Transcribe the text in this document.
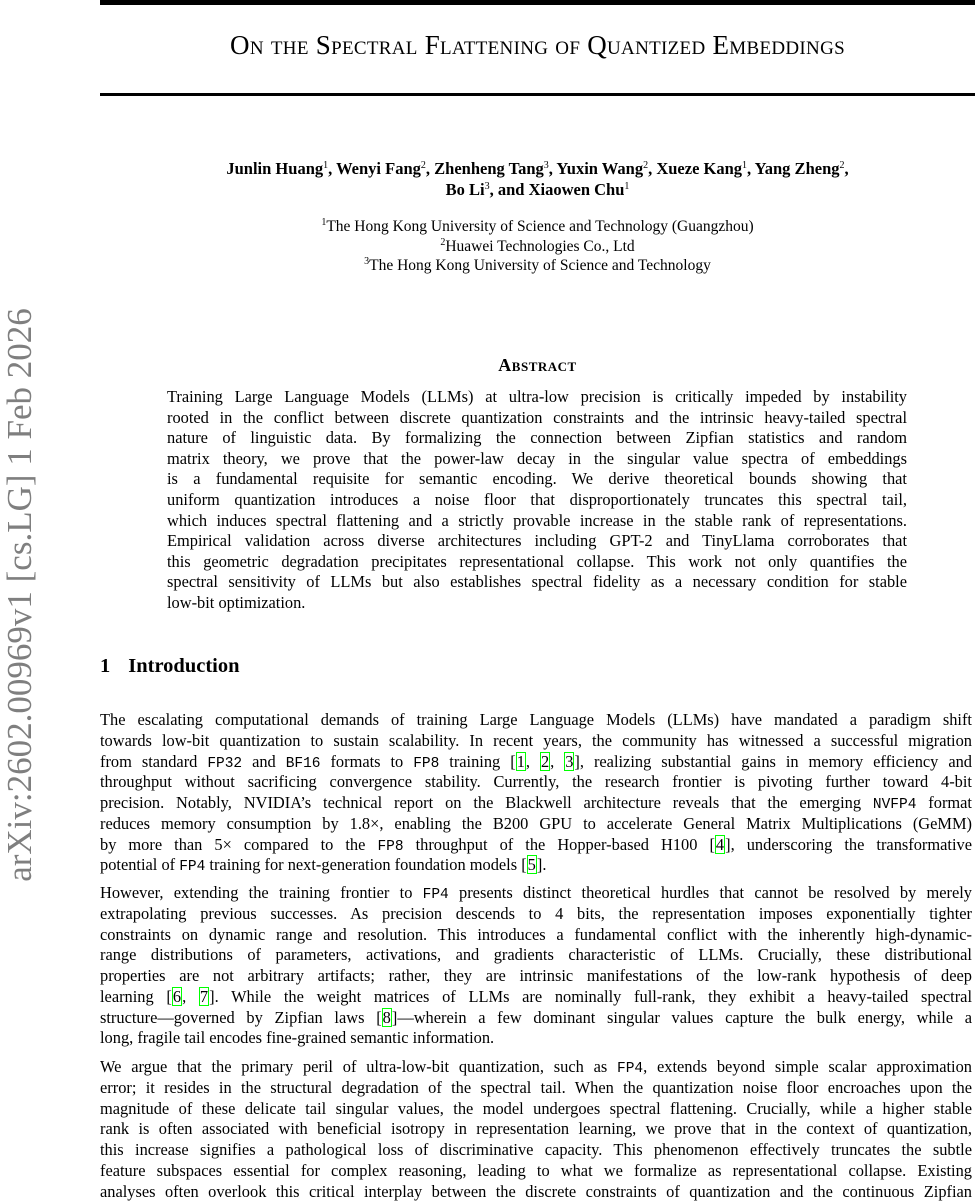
On the Spectral Flattening of Quantized Embeddings
arXiv:2602.00969v1 [cs.LG] 1 Feb 2026
Junlin Huang$^1$, Wenyi Fang$^2$, Zhenheng Tang$^3$, Yuxin Wang$^2$, Xueze Kang$^1$, Yang Zheng$^2$,
Bo Li$^3$, and Xiaowen Chu$^1$
$^1$The Hong Kong University of Science and Technology (Guangzhou)
$^2$Huawei Technologies Co., Ltd
$^3$The Hong Kong University of Science and Technology
Abstract
Training Large Language Models (LLMs) at ultra-low precision is critically impeded by instability
rooted in the conflict between discrete quantization constraints and the intrinsic heavy-tailed spectral
nature of linguistic data. By formalizing the connection between Zipfian statistics and random
matrix theory, we prove that the power-law decay in the singular value spectra of embeddings
is a fundamental requisite for semantic encoding. We derive theoretical bounds showing that
uniform quantization introduces a noise floor that disproportionately truncates this spectral tail,
which induces spectral flattening and a strictly provable increase in the stable rank of representations.
Empirical validation across diverse architectures including GPT-2 and TinyLlama corroborates that
this geometric degradation precipitates representational collapse. This work not only quantifies the
spectral sensitivity of LLMs but also establishes spectral fidelity as a necessary condition for stable
low-bit optimization.
1 Introduction
The escalating computational demands of training Large Language Models (LLMs) have mandated a paradigm shift
towards low-bit quantization to sustain scalability. In recent years, the community has witnessed a successful migration
from standard FP32 and BF16 formats to FP8 training [1, 2, 3], realizing substantial gains in memory efficiency and
throughput without sacrificing convergence stability. Currently, the research frontier is pivoting further toward 4-bit
precision. Notably, NVIDIA’s technical report on the Blackwell architecture reveals that the emerging NVFP4 format
reduces memory consumption by 1.8×, enabling the B200 GPU to accelerate General Matrix Multiplications (GeMM)
by more than 5× compared to the FP8 throughput of the Hopper-based H100 [4], underscoring the transformative
potential of FP4 training for next-generation foundation models [5].
However, extending the training frontier to FP4 presents distinct theoretical hurdles that cannot be resolved by merely
extrapolating previous successes. As precision descends to 4 bits, the representation imposes exponentially tighter
constraints on dynamic range and resolution. This introduces a fundamental conflict with the inherently high-dynamic-
range distributions of parameters, activations, and gradients characteristic of LLMs. Crucially, these distributional
properties are not arbitrary artifacts; rather, they are intrinsic manifestations of the low-rank hypothesis of deep
learning [6, 7]. While the weight matrices of LLMs are nominally full-rank, they exhibit a heavy-tailed spectral
structure—governed by Zipfian laws [8]—wherein a few dominant singular values capture the bulk energy, while a
long, fragile tail encodes fine-grained semantic information.
We argue that the primary peril of ultra-low-bit quantization, such as FP4, extends beyond simple scalar approximation
error; it resides in the structural degradation of the spectral tail. When the quantization noise floor encroaches upon the
magnitude of these delicate tail singular values, the model undergoes spectral flattening. Crucially, while a higher stable
rank is often associated with beneficial isotropy in representation learning, we prove that in the context of quantization,
this increase signifies a pathological loss of discriminative capacity. This phenomenon effectively truncates the subtle
feature subspaces essential for complex reasoning, leading to what we formalize as representational collapse. Existing
analyses often overlook this critical interplay between the discrete constraints of quantization and the continuous Zipfian
